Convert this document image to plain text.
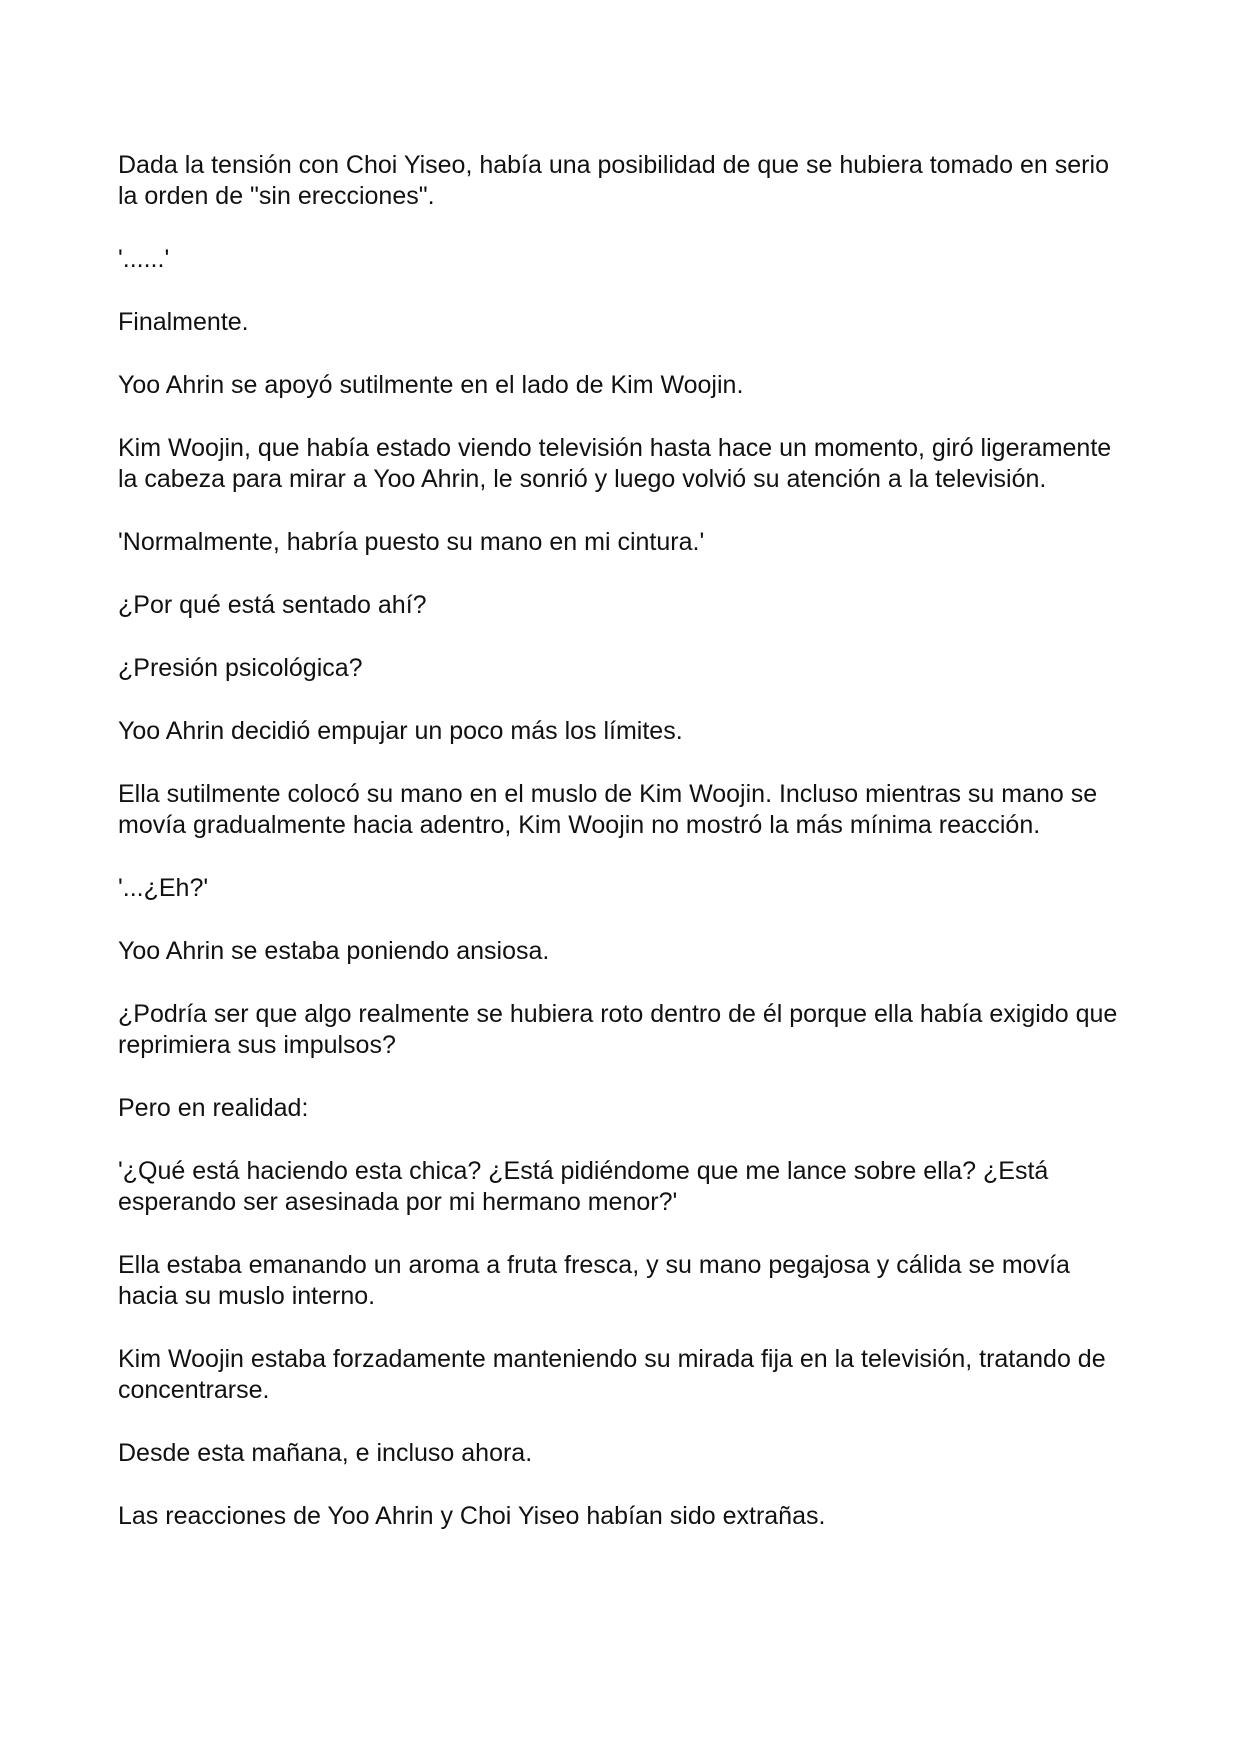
Dada la tensión con Choi Yiseo, había una posibilidad de que se hubiera tomado en serio la orden de "sin erecciones".

'......'

Finalmente.

Yoo Ahrin se apoyó sutilmente en el lado de Kim Woojin.

Kim Woojin, que había estado viendo televisión hasta hace un momento, giró ligeramente la cabeza para mirar a Yoo Ahrin, le sonrió y luego volvió su atención a la televisión.

'Normalmente, habría puesto su mano en mi cintura.'

¿Por qué está sentado ahí?

¿Presión psicológica?

Yoo Ahrin decidió empujar un poco más los límites.

Ella sutilmente colocó su mano en el muslo de Kim Woojin. Incluso mientras su mano se movía gradualmente hacia adentro, Kim Woojin no mostró la más mínima reacción.

'...¿Eh?'

Yoo Ahrin se estaba poniendo ansiosa.

¿Podría ser que algo realmente se hubiera roto dentro de él porque ella había exigido que reprimiera sus impulsos?

Pero en realidad:

'¿Qué está haciendo esta chica? ¿Está pidiéndome que me lance sobre ella? ¿Está esperando ser asesinada por mi hermano menor?'

Ella estaba emanando un aroma a fruta fresca, y su mano pegajosa y cálida se movía hacia su muslo interno.

Kim Woojin estaba forzadamente manteniendo su mirada fija en la televisión, tratando de concentrarse.

Desde esta mañana, e incluso ahora.

Las reacciones de Yoo Ahrin y Choi Yiseo habían sido extrañas.
